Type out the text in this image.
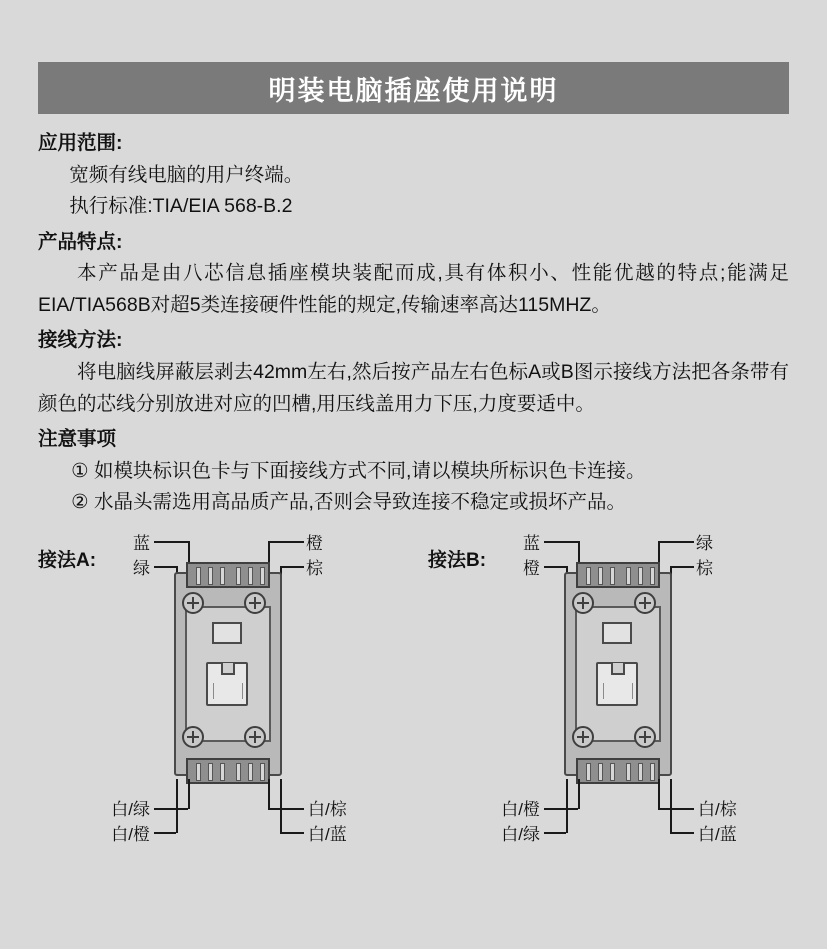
明装电脑插座使用说明
应用范围:
宽频有线电脑的用户终端。
执行标准:TIA/EIA 568-B.2
产品特点:
本产品是由八芯信息插座模块装配而成,具有体积小、性能优越的特点;能满足EIA/TIA568B对超5类连接硬件性能的规定,传输速率高达115MHZ。
接线方法:
将电脑线屏蔽层剥去42mm左右,然后按产品左右色标A或B图示接线方法把各条带有颜色的芯线分别放进对应的凹槽,用压线盖用力下压,力度要适中。
注意事项
① 如模块标识色卡与下面接线方式不同,请以模块所标识色卡连接。
② 水晶头需选用高品质产品,否则会导致连接不稳定或损坏产品。
接法A:
蓝
绿
橙
棕
白/绿
白/橙
白/棕
白/蓝
接法B:
蓝
橙
绿
棕
白/橙
白/绿
白/棕
白/蓝
